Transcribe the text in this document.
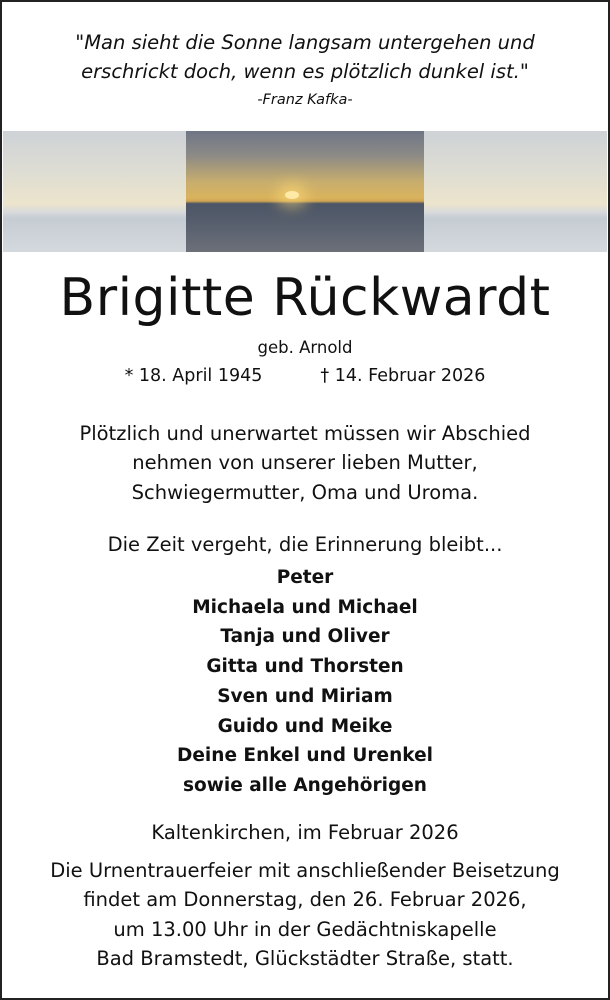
"Man sieht die Sonne langsam untergehen und
erschrickt doch, wenn es plötzlich dunkel ist."
-Franz Kafka-
Brigitte Rückwardt
geb. Arnold
* 18. April 1945	† 14. Februar 2026
Plötzlich und unerwartet müssen wir Abschied
nehmen von unserer lieben Mutter,
Schwiegermutter, Oma und Uroma.
Die Zeit vergeht, die Erinnerung bleibt...
Peter
Michaela und Michael
Tanja und Oliver
Gitta und Thorsten
Sven und Miriam
Guido und Meike
Deine Enkel und Urenkel
sowie alle Angehörigen
Kaltenkirchen, im Februar 2026
Die Urnentrauerfeier mit anschließender Beisetzung
findet am Donnerstag, den 26. Februar 2026,
um 13.00 Uhr in der Gedächtniskapelle
Bad Bramstedt, Glückstädter Straße, statt.
